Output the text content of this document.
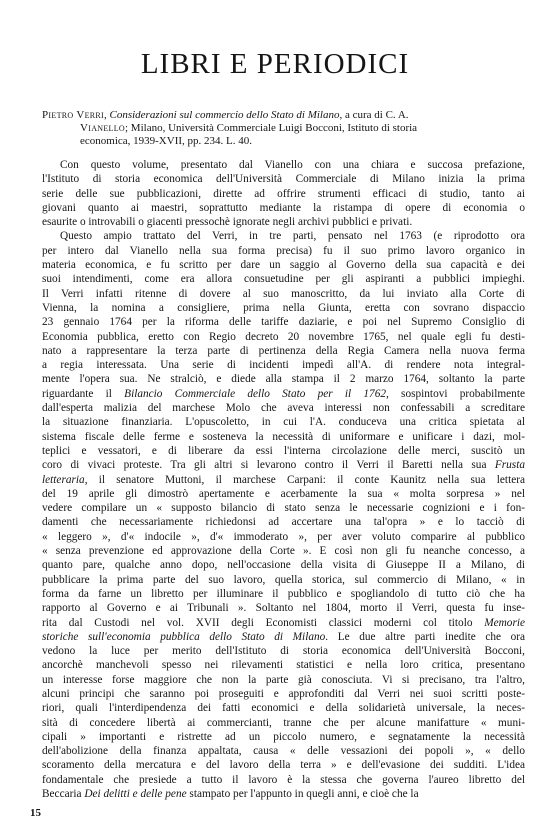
LIBRI E PERIODICI
Pietro Verri, Considerazioni sul commercio dello Stato di Milano, a cura di C. A.
Vianello; Milano, Università Commerciale Luigi Bocconi, Istituto di storia
economica, 1939-XVII, pp. 234. L. 40.
Con questo volume, presentato dal Vianello con una chiara e succosa prefazione,
l'Istituto di storia economica dell'Università Commerciale di Milano inizia la prima
serie delle sue pubblicazioni, dirette ad offrire strumenti efficaci di studio, tanto ai
giovani quanto ai maestri, soprattutto mediante la ristampa di opere di economia o
esaurite o introvabili o giacenti pressochè ignorate negli archivi pubblici e privati.
Questo ampio trattato del Verri, in tre parti, pensato nel 1763 (e riprodotto ora
per intero dal Vianello nella sua forma precisa) fu il suo primo lavoro organico in
materia economica, e fu scritto per dare un saggio al Governo della sua capacità e dei
suoi intendimenti, come era allora consuetudine per gli aspiranti a pubblici impieghi.
Il Verri infatti ritenne di dovere al suo manoscritto, da lui inviato alla Corte di
Vienna, la nomina a consigliere, prima nella Giunta, eretta con sovrano dispaccio
23 gennaio 1764 per la riforma delle tariffe daziarie, e poi nel Supremo Consiglio di
Economia pubblica, eretto con Regio decreto 20 novembre 1765, nel quale egli fu desti-
nato a rappresentare la terza parte di pertinenza della Regia Camera nella nuova ferma
a regia interessata. Una serie di incidenti impedì all'A. di rendere nota integral-
mente l'opera sua. Ne stralciò, e diede alla stampa il 2 marzo 1764, soltanto la parte
riguardante il Bilancio Commerciale dello Stato per il 1762, sospintovi probabilmente
dall'esperta malizia del marchese Molo che aveva interessi non confessabili a screditare
la situazione finanziaria. L'opuscoletto, in cui l'A. conduceva una critica spietata al
sistema fiscale delle ferme e sosteneva la necessità di uniformare e unificare i dazi, mol-
teplici e vessatori, e di liberare da essi l'interna circolazione delle merci, suscitò un
coro di vivaci proteste. Tra gli altri si levarono contro il Verri il Baretti nella sua Frusta
letteraria, il senatore Muttoni, il marchese Carpani: il conte Kaunitz nella sua lettera
del 19 aprile gli dimostrò apertamente e acerbamente la sua « molta sorpresa » nel
vedere compilare un « supposto bilancio di stato senza le necessarie cognizioni e i fon-
damenti che necessariamente richiedonsi ad accertare una tal'opra » e lo tacciò di
« leggero », d'« indocile », d'« immoderato », per aver voluto comparire al pubblico
« senza prevenzione ed approvazione della Corte ». E così non gli fu neanche concesso, a
quanto pare, qualche anno dopo, nell'occasione della visita di Giuseppe II a Milano, di
pubblicare la prima parte del suo lavoro, quella storica, sul commercio di Milano, « in
forma da farne un libretto per illuminare il pubblico e spogliandolo di tutto ciò che ha
rapporto al Governo e ai Tribunali ». Soltanto nel 1804, morto il Verri, questa fu inse-
rita dal Custodi nel vol. XVII degli Economisti classici moderni col titolo Memorie
storiche sull'economia pubblica dello Stato di Milano. Le due altre parti inedite che ora
vedono la luce per merito dell'Istituto di storia economica dell'Università Bocconi,
ancorchè manchevoli spesso nei rilevamenti statistici e nella loro critica, presentano
un interesse forse maggiore che non la parte già conosciuta. Vi si precisano, tra l'altro,
alcuni principi che saranno poi proseguiti e approfonditi dal Verri nei suoi scritti poste-
riori, quali l'interdipendenza dei fatti economici e della solidarietà universale, la neces-
sità di concedere libertà ai commercianti, tranne che per alcune manifatture « muni-
cipali » importanti e ristrette ad un piccolo numero, e segnatamente la necessità
dell'abolizione della finanza appaltata, causa « delle vessazioni dei popoli », « dello
scoramento della mercatura e del lavoro della terra » e dell'evasione dei sudditi. L'idea
fondamentale che presiede a tutto il lavoro è la stessa che governa l'aureo libretto del
Beccaria Dei delitti e delle pene stampato per l'appunto in quegli anni, e cioè che la
15
